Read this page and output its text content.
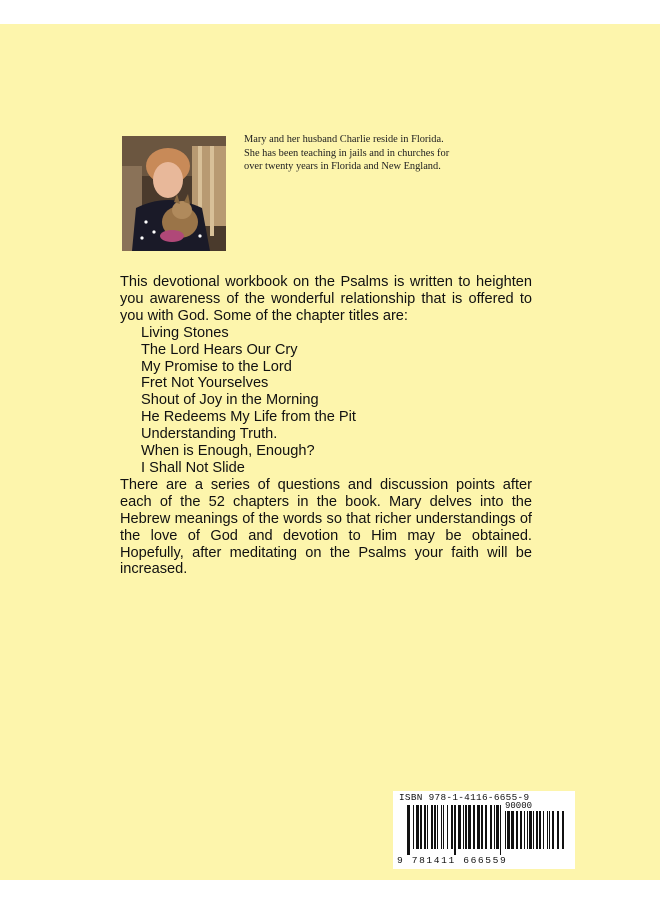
Mary and her husband Charlie reside in Florida.
She has been teaching in jails and in churches for
over twenty years in Florida and New England.

This devotional workbook on the Psalms is written to heighten you awareness of the wonderful relationship that is offered to you with God. Some of the chapter titles are:

Living Stones
The Lord Hears Our Cry
My Promise to the Lord
Fret Not Yourselves
Shout of Joy in the Morning
He Redeems My Life from the Pit
Understanding Truth.
When is Enough, Enough?
I Shall Not Slide

There are a series of questions and discussion points after each of the 52 chapters in the book. Mary delves into the Hebrew meanings of the words so that richer understandings of the love of God and devotion to Him may be obtained. Hopefully, after meditating on the Psalms your faith will be increased.

ISBN 978-1-4116-6655-9
90000
9 781411 666559
